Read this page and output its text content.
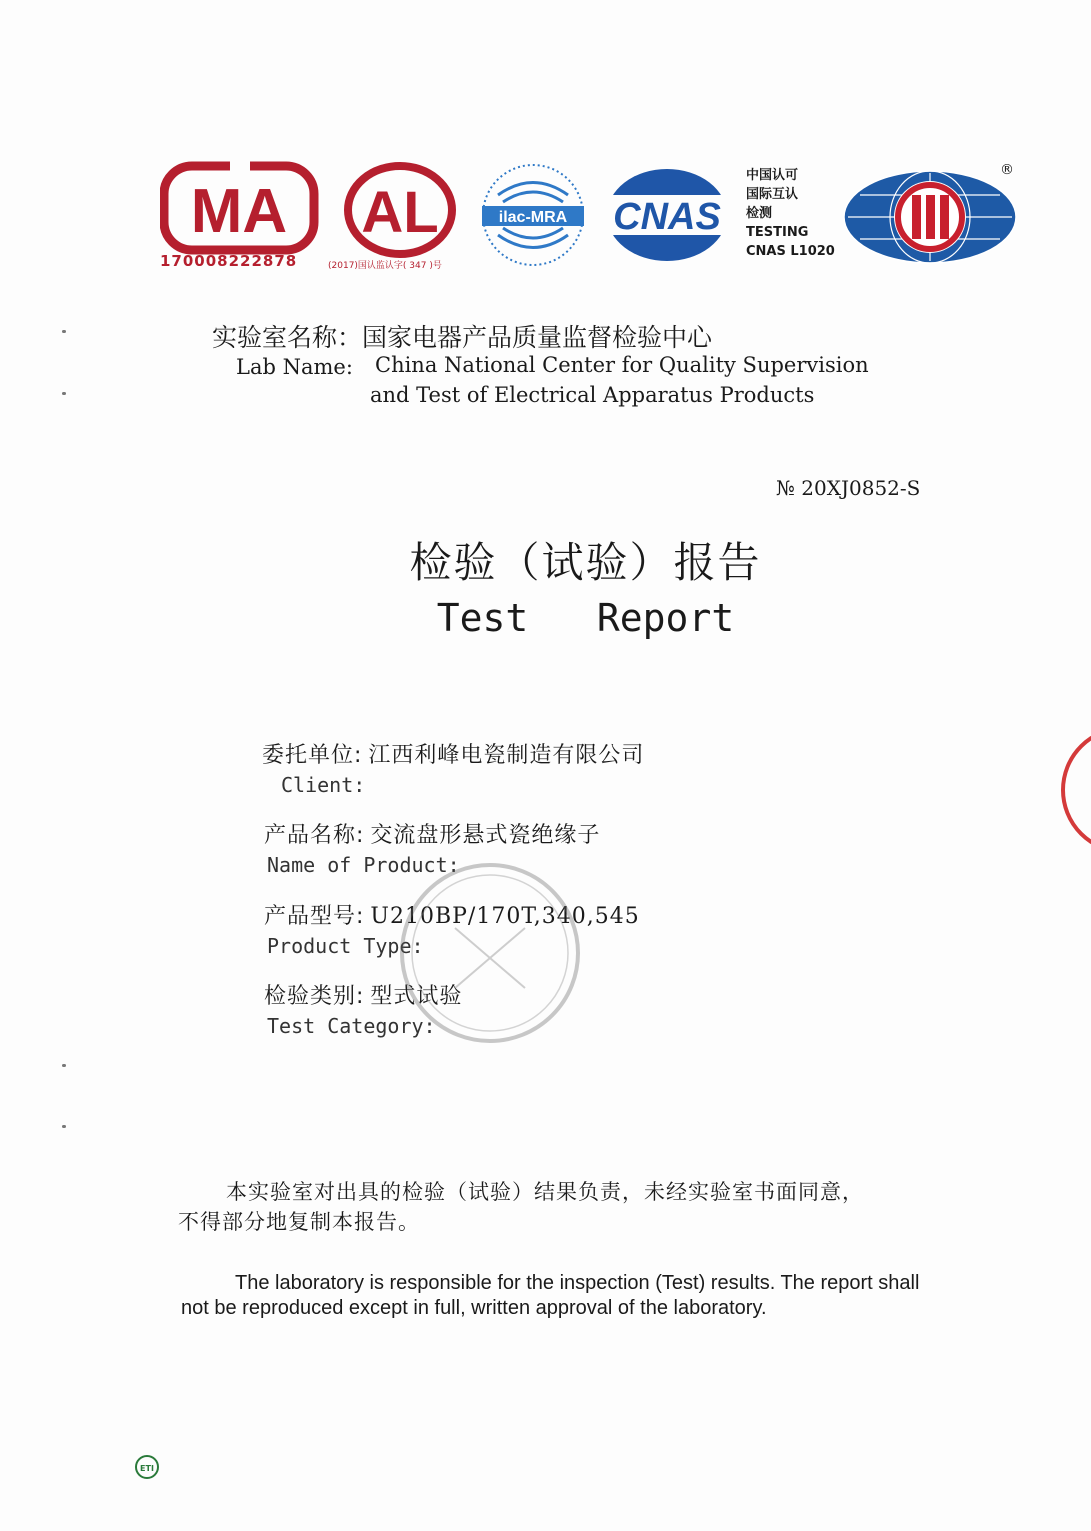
MA
170008222878
AL
(2017)国认监认字( 347 )号
ilac-MRA CNAS
中国认可
国际互认
检测
TESTING
CNAS L1020
®
实验室名称：国家电器产品质量监督检验中心
Lab Name: China National Center for Quality Supervision
and Test of Electrical Apparatus Products
№ 20XJ0852-S
检验（试验）报告
Test   Report
委托单位: 江西利峰电瓷制造有限公司
Client:
产品名称: 交流盘形悬式瓷绝缘子
Name of Product:
产品型号: U210BP/170T,340,545
Product Type:
检验类别: 型式试验
Test Category:
本实验室对出具的检验（试验）结果负责，未经实验室书面同意，
不得部分地复制本报告。
The laboratory is responsible for the inspection (Test) results. The report shall
not be reproduced except in full, written approval of the laboratory.
ETI
